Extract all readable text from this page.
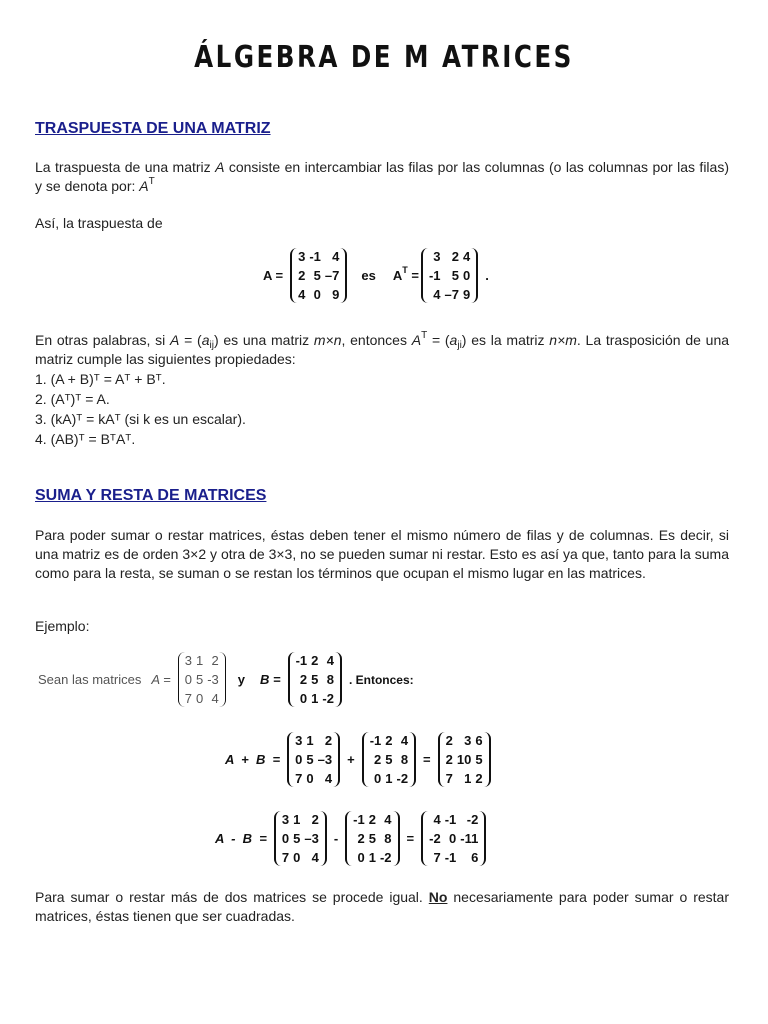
ÁLGEBRA DE M ATRICES
TRASPUESTA DE UNA MATRIZ
La traspuesta de una matriz A consiste en intercambiar las filas por las columnas (o las columnas por las filas) y se denota por: $A^T$
Así, la traspuesta de
A =
3 -1 4
2 5 –7
4 0 9
es $A^T$ =
3 2 4
-1 5 0
4 –7 9
.
En otras palabras, si $A = (a_{ij})$ es una matriz m×n, entonces $A^T = (a_{ji})$ es la matriz n×m. La trasposición de una matriz cumple las siguientes propiedades:
1. (A + B)ᵀ = Aᵀ + Bᵀ.
2. (Aᵀ)ᵀ = A.
3. (kA)ᵀ = kAᵀ (si k es un escalar).
4. (AB)ᵀ = BᵀAᵀ.
SUMA Y RESTA DE MATRICES
Para poder sumar o restar matrices, éstas deben tener el mismo número de filas y de columnas. Es decir, si una matriz es de orden 3×2 y otra de 3×3, no se pueden sumar ni restar. Esto es así ya que, tanto para la suma como para la resta, se suman o se restan los términos que ocupan el mismo lugar en las matrices.
Ejemplo:
Sean las matrices A =
3 1 2
0 5 -3
7 0 4
y B =
-1 2 4
2 5 8
0 1 -2
. Entonces:
A  +  B  =
3 1 2
0 5 –3
7 0 4
+
-1 2 4
2 5 8
0 1 -2
=
2 3 6
2 10 5
7 1 2
A  -  B  =
3 1 2
0 5 –3
7 0 4
-
-1 2 4
2 5 8
0 1 -2
=
4 -1 -2
-2 0 -11
7 -1	6
Para sumar o restar más de dos matrices se procede igual. No necesariamente para poder sumar o restar matrices, éstas tienen que ser cuadradas.
